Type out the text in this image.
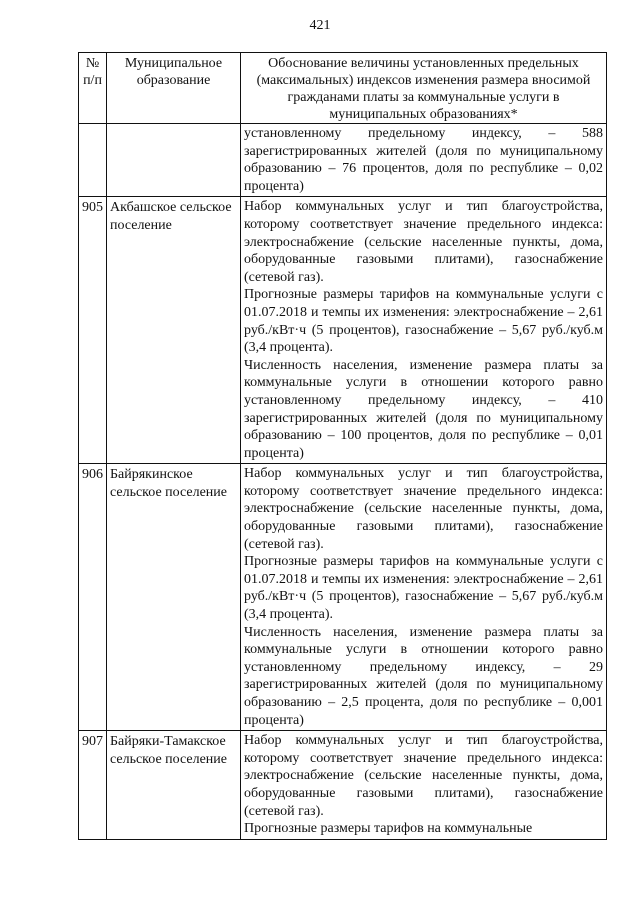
421
№ п/п	Муниципальное образование	Обоснование величины установленных предельных (максимальных) индексов изменения размера вносимой гражданами платы за коммунальные услуги в муниципальных образованиях*
		установленному предельному индексу, – 588 зарегистрированных жителей (доля по муниципальному образованию – 76 процентов, доля по республике – 0,02 процента)
905	Акбашское сельское поселение	Набор коммунальных услуг и тип благоустройства, которому соответствует значение предельного индекса: электроснабжение (сельские населенные пункты, дома, оборудованные газовыми плитами), газоснабжение (сетевой газ).
Прогнозные размеры тарифов на коммунальные услуги с 01.07.2018 и темпы их изменения: электроснабжение – 2,61 руб./кВт·ч (5 процентов), газоснабжение – 5,67 руб./куб.м (3,4 процента).
Численность населения, изменение размера платы за коммунальные услуги в отношении которого равно установленному предельному индексу, – 410 зарегистрированных жителей (доля по муниципальному образованию – 100 процентов, доля по республике – 0,01 процента)

906	Байрякинское сельское поселение	Набор коммунальных услуг и тип благоустройства, которому соответствует значение предельного индекса: электроснабжение (сельские населенные пункты, дома, оборудованные газовыми плитами), газоснабжение (сетевой газ).
Прогнозные размеры тарифов на коммунальные услуги с 01.07.2018 и темпы их изменения: электроснабжение – 2,61 руб./кВт·ч (5 процентов), газоснабжение – 5,67 руб./куб.м (3,4 процента).
Численность населения, изменение размера платы за коммунальные услуги в отношении которого равно установленному предельному индексу, – 29 зарегистрированных жителей (доля по муниципальному образованию – 2,5 процента, доля по республике – 0,001 процента)

907	Байряки-Тамакское сельское поселение	Набор коммунальных услуг и тип благоустройства, которому соответствует значение предельного индекса: электроснабжение (сельские населенные пункты, дома, оборудованные газовыми плитами), газоснабжение (сетевой газ).
Прогнозные размеры тарифов на коммунальные
